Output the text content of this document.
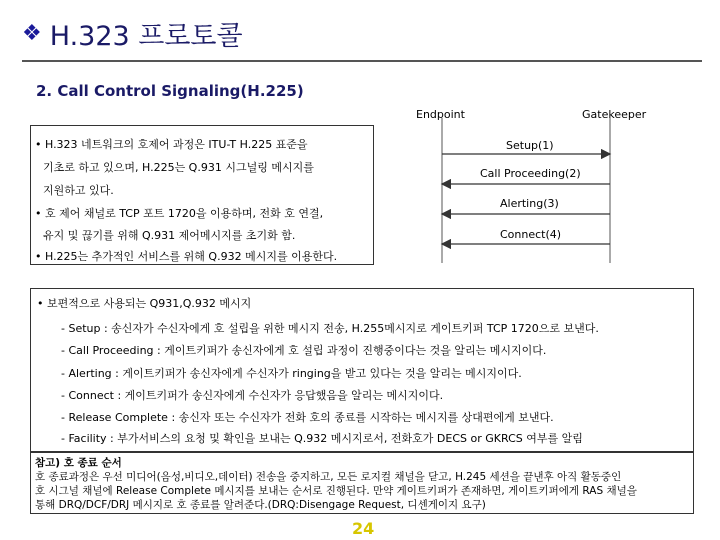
❖ H.323 프로토콜
2. Call Control Signaling(H.225)
Endpoint	Gatekeeper
Setup(1)
Call Proceeding(2)
Alerting(3)
Connect(4)

• H.323 네트워크의 호제어 과정은 ITU-T H.225 표준을

기초로 하고 있으며, H.225는 Q.931 시그널링 메시지를

지원하고 있다.

• 호 제어 채널로 TCP 포트 1720을 이용하며, 전화 호 연결,

유지 및 끊기를 위해 Q.931 제어메시지를 초기화 함.

• H.225는 추가적인 서비스를 위해 Q.932 메시지를 이용한다.

• 보편적으로 사용되는 Q931,Q.932 메시지

- Setup : 송신자가 수신자에게 호 설립을 위한 메시지 전송, H.255메시지로 게이트키퍼 TCP 1720으로 보낸다.

- Call Proceeding : 게이트키퍼가 송신자에게 호 설립 과정이 진행중이다는 것을 알리는 메시지이다.

- Alerting : 게이트키퍼가 송신자에게 수신자가 ringing을 받고 있다는 것을 알리는 메시지이다.

- Connect : 게이트키퍼가 송신자에게 수신자가 응답했음을 알리는 메시지이다.

- Release Complete : 송신자 또는 수신자가 전화 호의 종료를 시작하는 메시지를 상대편에게 보낸다.

- Facility : 부가서비스의 요청 및 확인을 보내는 Q.932 메시지로서, 전화호가 DECS or GKRCS 여부를 알림

참고) 호 종료 순서

호 종료과정은 우선 미디어(음성,비디오,데이터) 전송을 중지하고, 모든 로지컬 채널을 닫고, H.245 세션을 끝낸후 아직 활동중인

호 시그널 채널에 Release Complete 메시지를 보내는 순서로 진행된다. 만약 게이트키퍼가 존재하면, 게이트키퍼에게 RAS 채널을

통해 DRQ/DCF/DRJ 메시지로 호 종료를 알려준다.(DRQ:Disengage Request, 디센게이지 요구)

24
